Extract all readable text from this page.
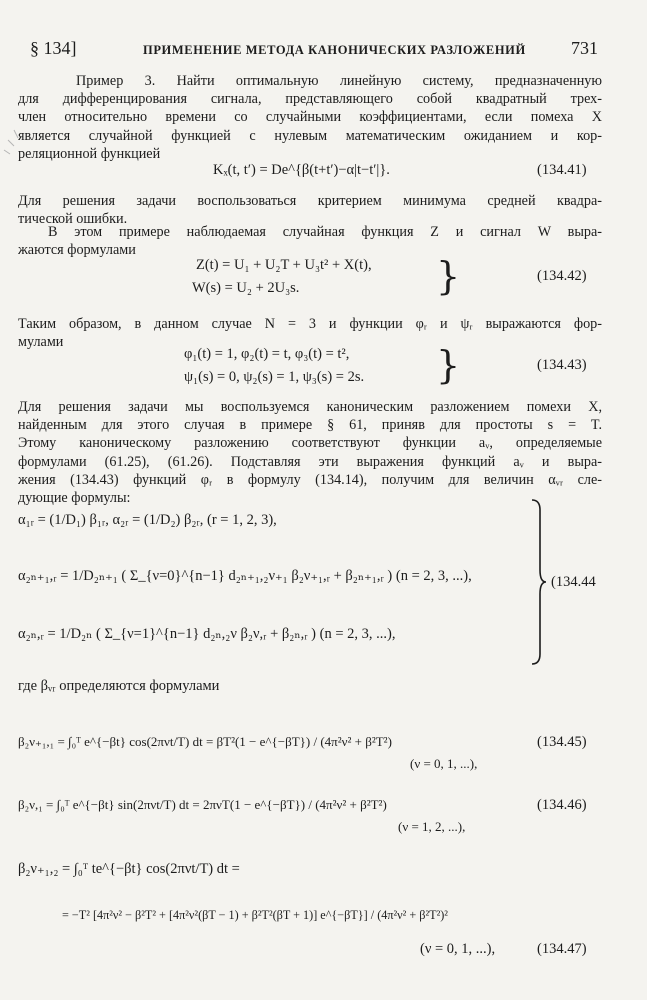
§ 134]	ПРИМЕНЕНИЕ МЕТОДА КАНОНИЧЕСКИХ РАЗЛОЖЕНИЙ	731
Пример 3. Найти оптимальную линейную систему, предназначенную
для дифференцирования сигнала, представляющего собой квадратный трех-
член относительно времени со случайными коэффициентами, если помеха X
является случайной функцией с нулевым математическим ожиданием и кор-
реляционной функцией
Kₓ(t, t′) = De^{β(t+t′)−α|t−t′|}.	(134.41)
Для решения задачи воспользоваться критерием минимума средней квадра-
тической ошибки.
В этом примере наблюдаемая случайная функция Z и сигнал W выра-
жаются формулами
Z(t) = U₁ + U₂T + U₃t² + X(t),
W(s) = U₂ + 2U₃s.	}	(134.42)
Таким образом, в данном случае N = 3 и функции φᵣ и ψᵣ выражаются фор-
мулами
φ₁(t) = 1, φ₂(t) = t, φ₃(t) = t²,
ψ₁(s) = 0, ψ₂(s) = 1, ψ₃(s) = 2s. }	(134.43)
Для решения задачи мы воспользуемся каноническим разложением помехи X,
найденным для этого случая в примере § 61, приняв для простоты s = T.
Этому каноническому разложению соответствуют функции aᵥ, определяемые
формулами (61.25), (61.26). Подставляя эти выражения функций aᵥ и выра-
жения (134.43) функций φᵣ в формулу (134.14), получим для величин αᵥᵣ сле-
дующие формулы:
α₁ᵣ = (1/D₁) β₁ᵣ, α₂ᵣ = (1/D₂) β₂ᵣ, (r = 1, 2, 3),
α₂ₙ₊₁,ᵣ = 1/D₂ₙ₊₁ ( Σ_{ν=0}^{n−1} d₂ₙ₊₁,₂ν₊₁ β₂ν₊₁,ᵣ + β₂ₙ₊₁,ᵣ ) (n = 2, 3, ...),
α₂ₙ,ᵣ = 1/D₂ₙ ( Σ_{ν=1}^{n−1} d₂ₙ,₂ν β₂ν,ᵣ + β₂ₙ,ᵣ ) (n = 2, 3, ...),
(134.44
где βᵥᵣ определяются формулами
β₂ν₊₁,₁ = ∫₀ᵀ e^{−βt} cos(2πνt/T) dt = βT²(1 − e^{−βT}) / (4π²ν² + β²T²)
(ν = 0, 1, ...),
(134.45)
β₂ν,₁ = ∫₀ᵀ e^{−βt} sin(2πνt/T) dt = 2πνT(1 − e^{−βT}) / (4π²ν² + β²T²)
(ν = 1, 2, ...),
(134.46)
β₂ν₊₁,₂ = ∫₀ᵀ te^{−βt} cos(2πνt/T) dt =
= −T² [4π²ν² − β²T² + [4π²ν²(βT − 1) + β²T²(βT + 1)] e^{−βT}] / (4π²ν² + β²T²)²
(ν = 0, 1, ...),	(134.47)
